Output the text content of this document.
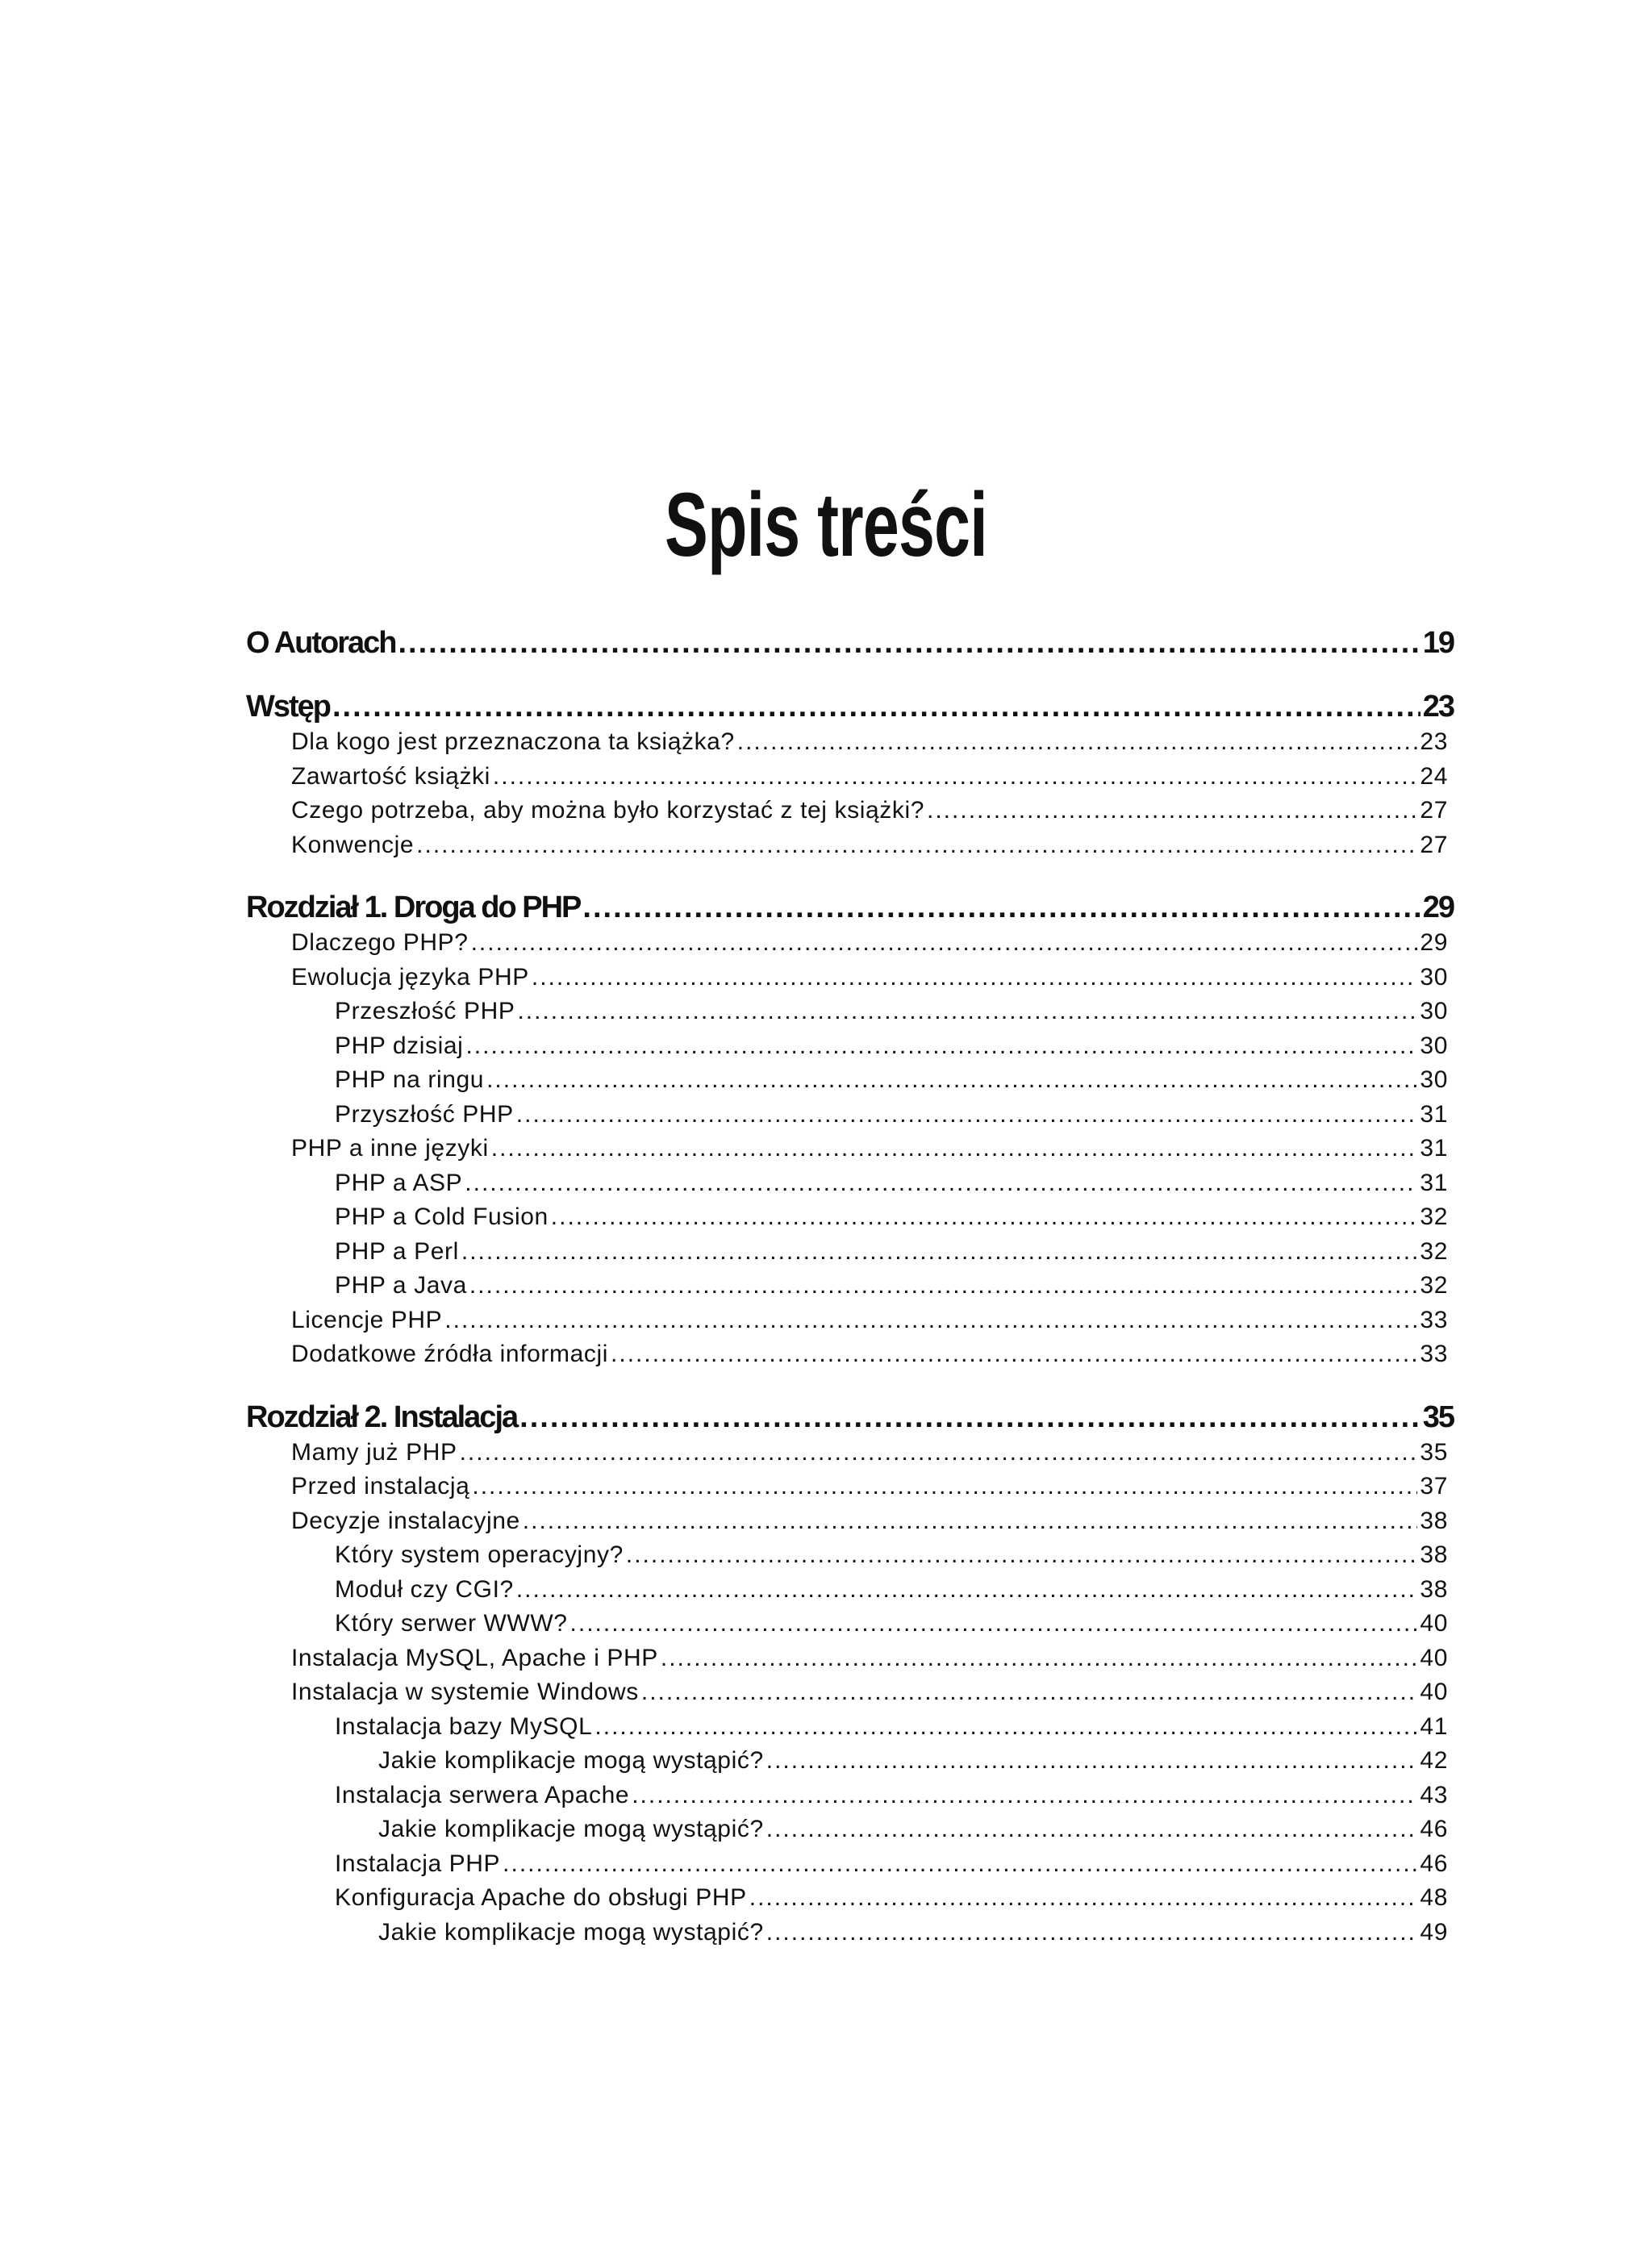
Spis treści
O Autorach .....	19
Wstęp .....	23
Dla kogo jest przeznaczona ta książka? .....	23
Zawartość książki .....	24
Czego potrzeba, aby można było korzystać z tej książki? .....	27
Konwencje .....	27
Rozdział 1. Droga do PHP .....	29
Dlaczego PHP? .....	29
Ewolucja języka PHP .....	30
Przeszłość PHP .....	30
PHP dzisiaj .....	30
PHP na ringu .....	30
Przyszłość PHP .....	31
PHP a inne języki .....	31
PHP a ASP .....	31
PHP a Cold Fusion .....	32
PHP a Perl .....	32
PHP a Java .....	32
Licencje PHP .....	33
Dodatkowe źródła informacji .....	33
Rozdział 2. Instalacja .....	35
Mamy już PHP .....	35
Przed instalacją .....	37
Decyzje instalacyjne .....	38
Który system operacyjny? .....	38
Moduł czy CGI? .....	38
Który serwer WWW? .....	40
Instalacja MySQL, Apache i PHP .....	40
Instalacja w systemie Windows .....	40
Instalacja bazy MySQL .....	41
Jakie komplikacje mogą wystąpić? .....	42
Instalacja serwera Apache .....	43
Jakie komplikacje mogą wystąpić? .....	46
Instalacja PHP .....	46
Konfiguracja Apache do obsługi PHP .....	48
Jakie komplikacje mogą wystąpić? .....	49
